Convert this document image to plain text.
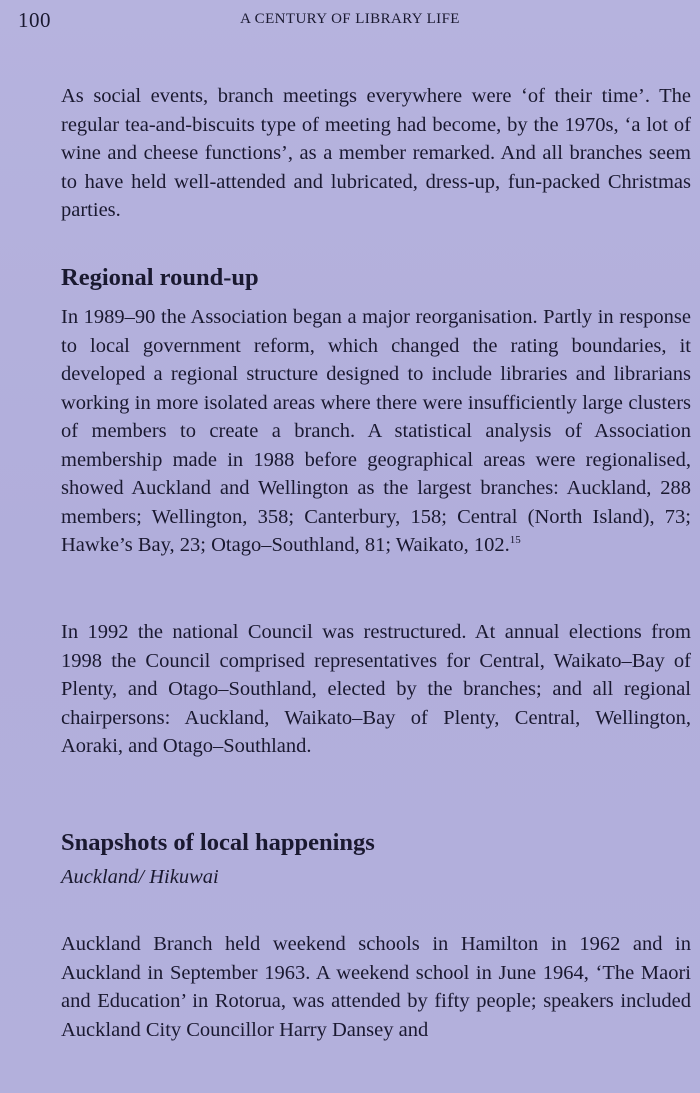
100	A CENTURY OF LIBRARY LIFE

As social events, branch meetings everywhere were ‘of their time’. The regular tea-and-biscuits type of meeting had become, by the 1970s, ‘a lot of wine and cheese functions’, as a member remarked. And all branches seem to have held well-attended and lubricated, dress-up, fun-packed Christmas parties.

Regional round-up

In 1989–90 the Association began a major reorganisation. Partly in response to local government reform, which changed the rating boundaries, it developed a regional structure designed to include libraries and librarians working in more isolated areas where there were insufficiently large clusters of members to create a branch. A statistical analysis of Association membership made in 1988 before geographical areas were regionalised, showed Auckland and Wellington as the largest branches: Auckland, 288 members; Wellington, 358; Canterbury, 158; Central (North Island), 73; Hawke’s Bay, 23; Otago–Southland, 81; Waikato, 102.15

In 1992 the national Council was restructured. At annual elections from 1998 the Council comprised representatives for Central, Waikato–Bay of Plenty, and Otago–Southland, elected by the branches; and all regional chairpersons: Auckland, Waikato–Bay of Plenty, Central, Wellington, Aoraki, and Otago–Southland.

Snapshots of local happenings
Auckland/ Hikuwai

Auckland Branch held weekend schools in Hamilton in 1962 and in Auckland in September 1963. A weekend school in June 1964, ‘The Maori and Education’ in Rotorua, was attended by fifty people; speakers included Auckland City Councillor Harry Dansey and
